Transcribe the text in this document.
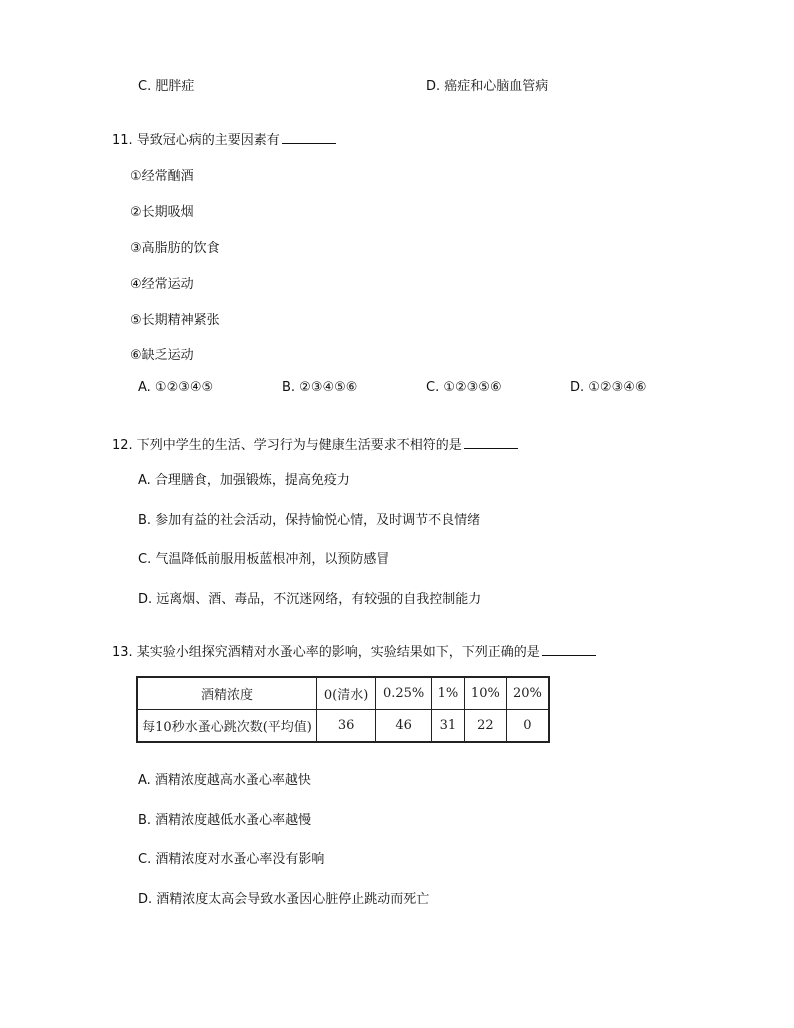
C. 肥胖症	D. 癌症和心脑血管病
11. 导致冠心病的主要因素有
①经常酗酒
②长期吸烟
③高脂肪的饮食
④经常运动
⑤长期精神紧张
⑥缺乏运动
A. ①②③④⑤	B. ②③④⑤⑥	C. ①②③⑤⑥	D. ①②③④⑥
12. 下列中学生的生活、学习行为与健康生活要求不相符的是
A. 合理膳食，加强锻炼，提高免疫力
B. 参加有益的社会活动，保持愉悦心情，及时调节不良情绪
C. 气温降低前服用板蓝根冲剂，以预防感冒
D. 远离烟、酒、毒品，不沉迷网络，有较强的自我控制能力
13. 某实验小组探究酒精对水蚤心率的影响，实验结果如下，下列正确的是
酒精浓度	0(清水)	0.25%	1%	10%	20%
每10秒水蚤心跳次数(平均值)	36	46	31	22	0
A. 酒精浓度越高水蚤心率越快
B. 酒精浓度越低水蚤心率越慢
C. 酒精浓度对水蚤心率没有影响
D. 酒精浓度太高会导致水蚤因心脏停止跳动而死亡
